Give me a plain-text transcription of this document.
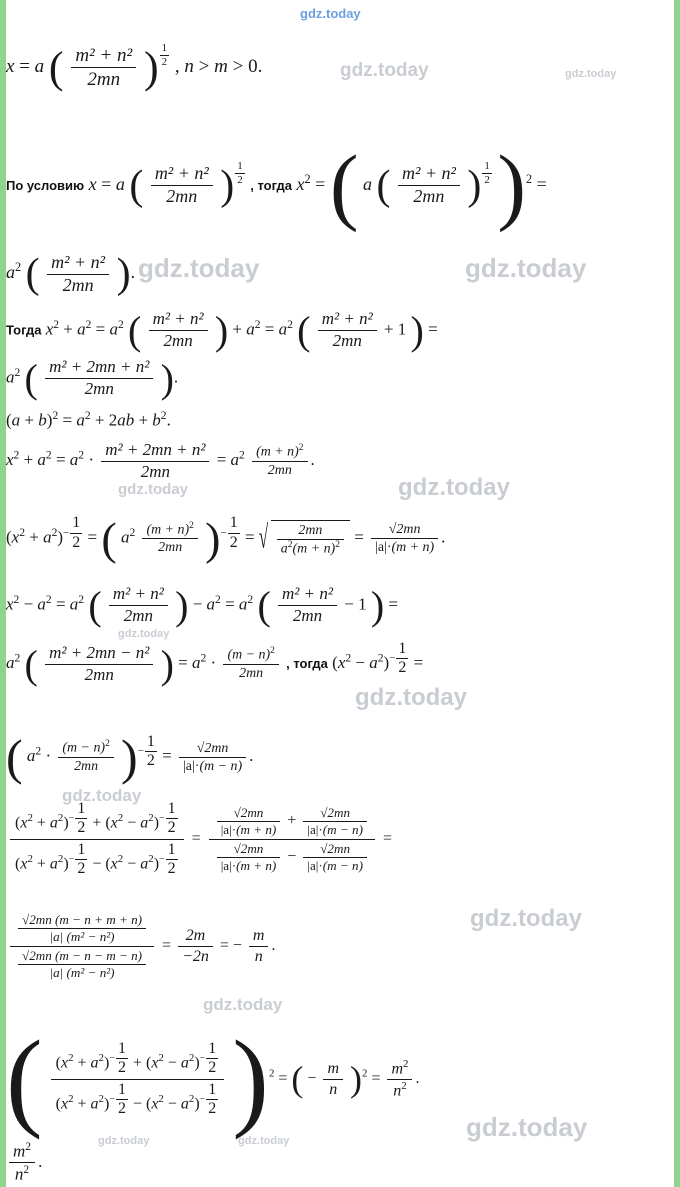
gdz.today
gdz.today	gdz.today
gdz.today	gdz.today
gdz.today	gdz.today
gdz.today
gdz.today
gdz.today
gdz.today
gdz.today
gdz.today	gdz.today	gdz.today
x = a ( $\frac{\text{m² + n²}}{2mn}$ ) $\frac{1}{2}$ , n > m > 0.
По условию x = a ( $\frac{\text{m² + n²}}{2mn}$ ) $\frac{1}{2}$ , тогда $x^2$ = ( a ( $\frac{\text{m² + n²}}{2mn}$ ) $\frac{1}{2} )^2$ =
$a^2$ ( $\frac{\text{m² + n²}}{2mn}$ ).
Тогда $x^2 + a^2 = a^2$ ( $\frac{\text{m² + n²}}{2mn}$ ) + $a^2 = a^2$ ( $\frac{\text{m² + n²}}{2mn} + 1$ ) =
$a^2$ ( $\frac{\text{m² + 2mn + n²}}{2mn}$ ).
$(a + b)^2 = a^2 + 2ab + b^2$.
$x^2 + a^2 = a^2 \cdot \frac{\text{m² + 2mn + n²}}{2mn} = a^2 \frac{(m + n)^2}{2mn}$ .
$(x^2 + a^2)^{- \frac{1}{2}}$ = ( $a^2 \frac{(m + n)^2}{2mn} )^{- \frac{1}{2}}$ = √ $\frac{2mn}{a^2(m + n)^2} = \frac{√2mn}{|a|\cdot(m + n)}$ .
$x^2 - a^2 = a^2$ ( $\frac{\text{m² + n²}}{2mn}$ ) − $a^2 = a^2$ ( $\frac{\text{m² + n²}}{2mn} - 1$ ) =
$a^2$ ( $\frac{\text{m² + 2mn − n²}}{2mn}$ ) = $a^2 \cdot \frac{(m - n)^2}{2mn}$ , тогда $(x^2 - a^2)^{- \frac{1}{2}}$ =
( $a^2 \cdot \frac{(m - n)^2}{2mn} )^{- \frac{1}{2}} = \frac{√2mn}{|a|\cdot(m - n)}$ .
$(x^2 + a^2)^{- \frac{1}{2}} + (x^2 - a^2)^{- \frac{1}{2}}$
$(x^2 + a^2)^{- \frac{1}{2}} - (x^2 - a^2)^{- \frac{1}{2}}$
=
$\frac{√2mn}{|a|\cdot(m + n)} + \frac{√2mn}{|a|\cdot(m - n)}$
$\frac{√2mn}{|a|\cdot(m + n)} - \frac{√2mn}{|a|\cdot(m - n)}$
=
$\frac{\frac{√2mn (m - n + m + n)}{\text{|a| (m² − n²)}}}{\frac{√2mn (m - n - m - n)}{\text{|a| (m² − n²)}}} = \frac{2m}{-2n}$ = − $\frac{m}{n}$ .
( $(x^2 + a^2)^{- \frac{1}{2}} + (x^2 - a^2)^{- \frac{1}{2}}$
$(x^2 + a^2)^{- \frac{1}{2}} - (x^2 - a^2)^{- \frac{1}{2}}$ )$^2$ = ( − $\frac{m}{n} )^2 = \frac{m^2}{n^2}$ .
$\frac{m^2}{n^2}$ .
